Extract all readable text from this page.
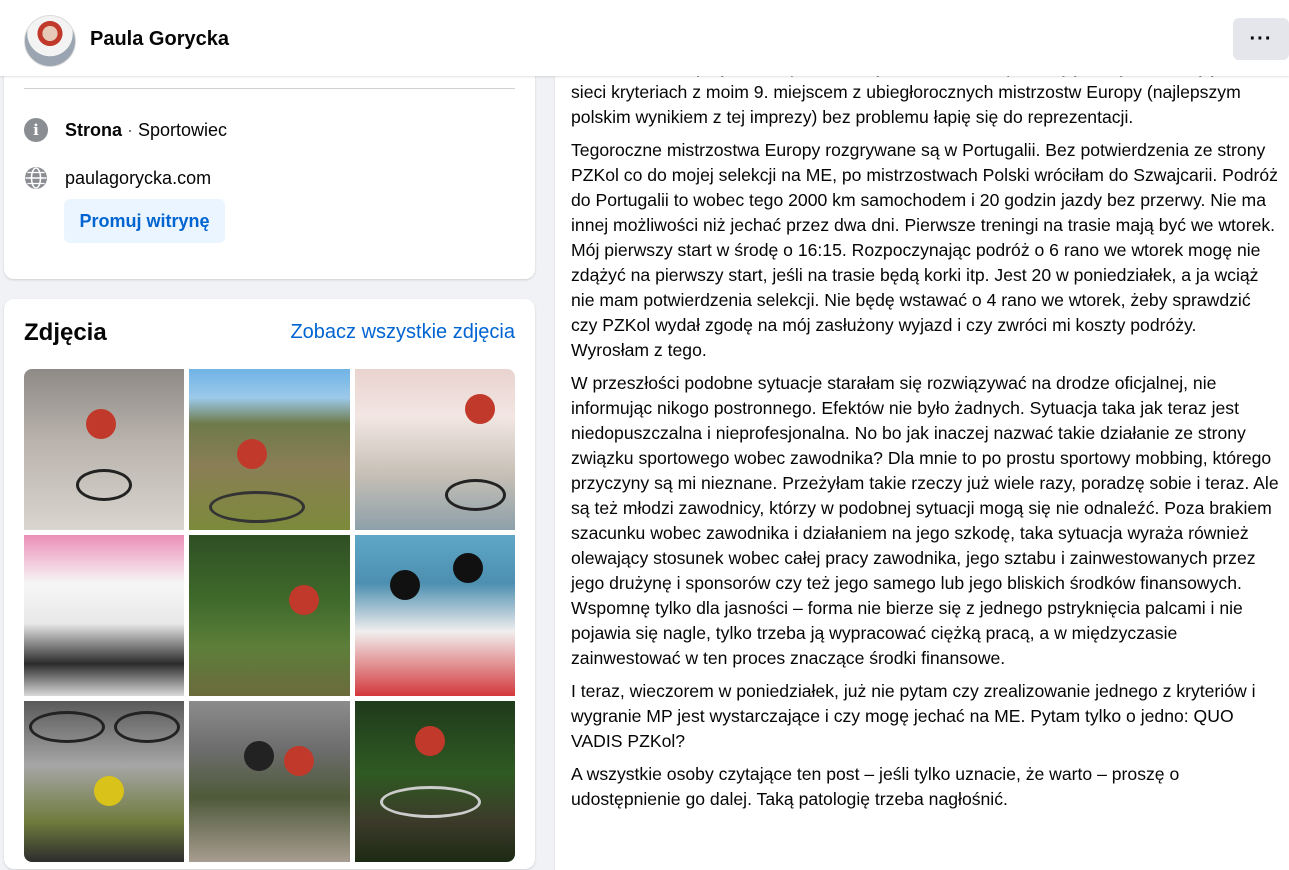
sieci kryteriach z moim 9. miejscem z ubiegłorocznych mistrzostw Europy (najlepszym polskim wynikiem z tej imprezy) bez problemu łapię się do reprezentacji.

Tegoroczne mistrzostwa Europy rozgrywane są w Portugalii. Bez potwierdzenia ze strony PZKol co do mojej selekcji na ME, po mistrzostwach Polski wróciłam do Szwajcarii. Podróż do Portugalii to wobec tego 2000 km samochodem i 20 godzin jazdy bez przerwy. Nie ma innej możliwości niż jechać przez dwa dni. Pierwsze treningi na trasie mają być we wtorek. Mój pierwszy start w środę o 16:15. Rozpoczynając podróż o 6 rano we wtorek mogę nie zdążyć na pierwszy start, jeśli na trasie będą korki itp. Jest 20 w poniedziałek, a ja wciąż nie mam potwierdzenia selekcji. Nie będę wstawać o 4 rano we wtorek, żeby sprawdzić czy PZKol wydał zgodę na mój zasłużony wyjazd i czy zwróci mi koszty podróży. Wyrosłam z tego.

W przeszłości podobne sytuacje starałam się rozwiązywać na drodze oficjalnej, nie informując nikogo postronnego. Efektów nie było żadnych. Sytuacja taka jak teraz jest niedopuszczalna i nieprofesjonalna. No bo jak inaczej nazwać takie działanie ze strony związku sportowego wobec zawodnika? Dla mnie to po prostu sportowy mobbing, którego przyczyny są mi nieznane. Przeżyłam takie rzeczy już wiele razy, poradzę sobie i teraz. Ale są też młodzi zawodnicy, którzy w podobnej sytuacji mogą się nie odnaleźć. Poza brakiem szacunku wobec zawodnika i działaniem na jego szkodę, taka sytuacja wyraża również olewający stosunek wobec całej pracy zawodnika, jego sztabu i zainwestowanych przez jego drużynę i sponsorów czy też jego samego lub jego bliskich środków finansowych. Wspomnę tylko dla jasności – forma nie bierze się z jednego pstryknięcia palcami i nie pojawia się nagle, tylko trzeba ją wypracować ciężką pracą, a w międzyczasie zainwestować w ten proces znaczące środki finansowe.

I teraz, wieczorem w poniedziałek, już nie pytam czy zrealizowanie jednego z kryteriów i wygranie MP jest wystarczające i czy mogę jechać na ME. Pytam tylko o jedno: QUO VADIS PZKol?

A wszystkie osoby czytające ten post – jeśli tylko uznacie, że warto – proszę o udostępnienie go dalej. Taką patologię trzeba nagłośnić.

i	Strona · Sportowiec
paulagorycka.com
Promuj witrynę
Zdjęcia	Zobacz wszystkie zdjęcia
Paula Gorycka	···
